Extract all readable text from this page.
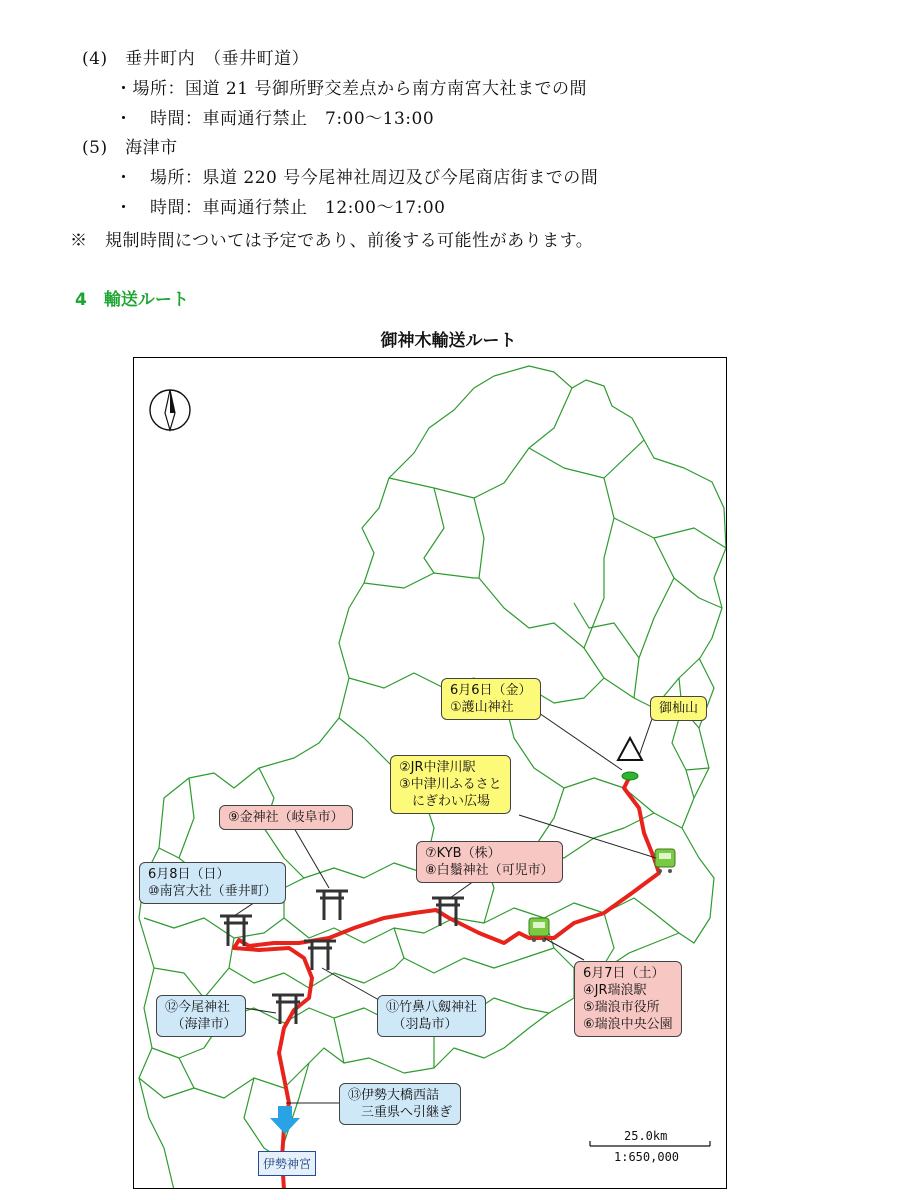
(4)　垂井町内　（垂井町道）
・場所：国道 21 号御所野交差点から南方南宮大社までの間
・　時間：車両通行禁止　7:00～13:00
(5)　海津市
・　場所：県道 220 号今尾神社周辺及び今尾商店街までの間
・　時間：車両通行禁止　12:00～17:00
※　規制時間については予定であり、前後する可能性があります。
4　輸送ルート
御神木輸送ルート
6月6日（金）
①護山神社	御杣山
②JR中津川駅
③中津川ふるさと
　にぎわい広場
⑨金神社（岐阜市）
⑦KYB（株）
⑧白鬚神社（可児市）
6月8日（日）
⑩南宮大社（垂井町）
6月7日（土）
④JR瑞浪駅
⑤瑞浪市役所
⑥瑞浪中央公園
⑫今尾神社
　（海津市）
⑪竹鼻八劔神社
　（羽島市）
⑬伊勢大橋西詰
　三重県へ引継ぎ
伊勢神宮
25.0km
1:650,000
